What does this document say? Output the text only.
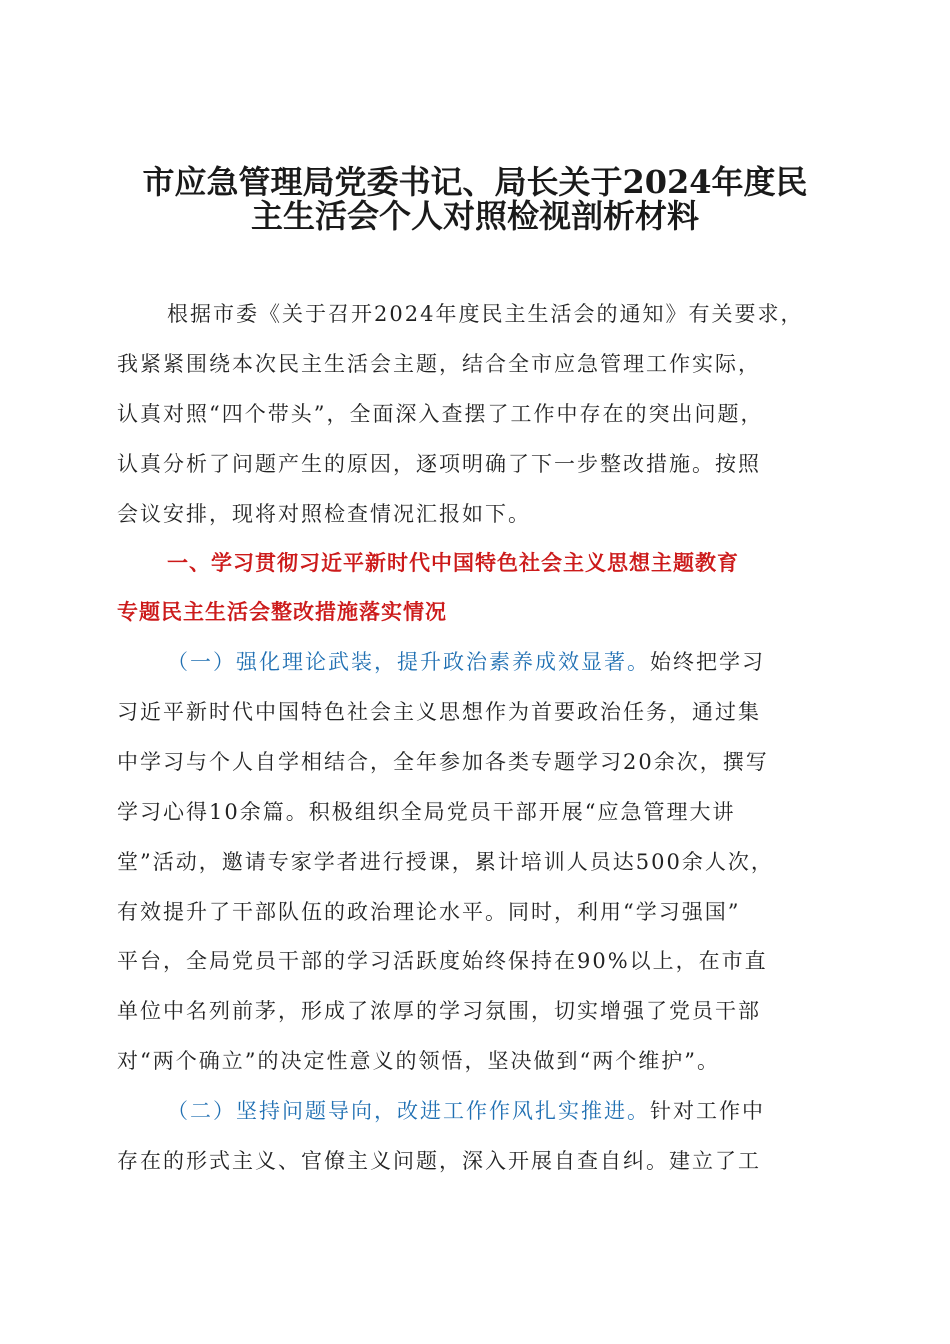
市应急管理局党委书记、局长关于2024年度民
主生活会个人对照检视剖析材料
根据市委《关于召开2024年度民主生活会的通知》有关要求，
我紧紧围绕本次民主生活会主题，结合全市应急管理工作实际，
认真对照“四个带头”，全面深入查摆了工作中存在的突出问题，
认真分析了问题产生的原因，逐项明确了下一步整改措施。按照
会议安排，现将对照检查情况汇报如下。
一、学习贯彻习近平新时代中国特色社会主义思想主题教育
专题民主生活会整改措施落实情况
（一）强化理论武装，提升政治素养成效显著。始终把学习
习近平新时代中国特色社会主义思想作为首要政治任务，通过集
中学习与个人自学相结合，全年参加各类专题学习20余次，撰写
学习心得10余篇。积极组织全局党员干部开展“应急管理大讲
堂”活动，邀请专家学者进行授课，累计培训人员达500余人次，
有效提升了干部队伍的政治理论水平。同时，利用“学习强国”
平台，全局党员干部的学习活跃度始终保持在90%以上，在市直
单位中名列前茅，形成了浓厚的学习氛围，切实增强了党员干部
对“两个确立”的决定性意义的领悟，坚决做到“两个维护”。
（二）坚持问题导向，改进工作作风扎实推进。针对工作中
存在的形式主义、官僚主义问题，深入开展自查自纠。建立了工
